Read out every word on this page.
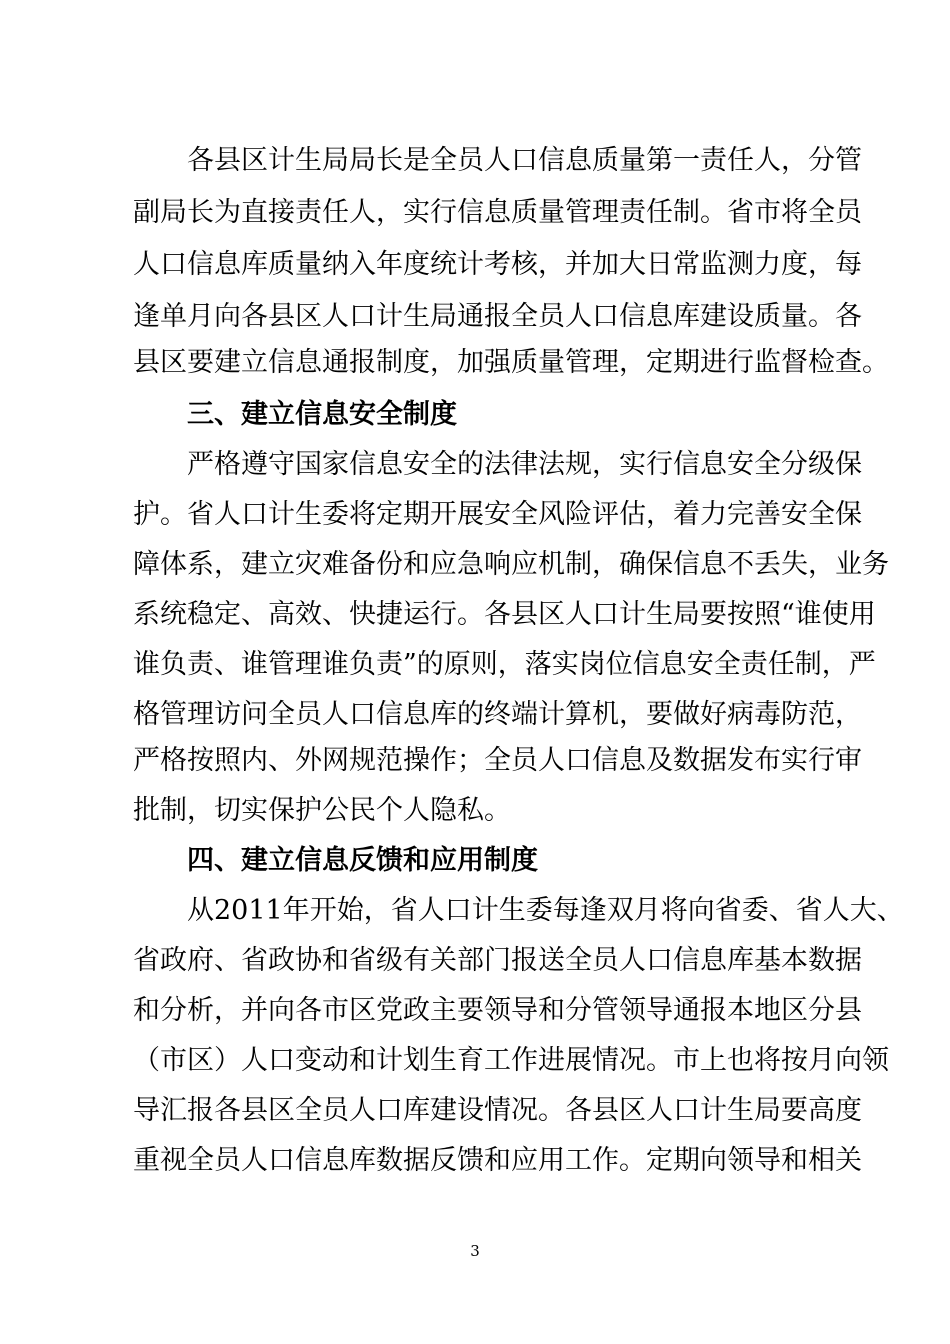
各县区计生局局长是全员人口信息质量第一责任人，分管
副局长为直接责任人，实行信息质量管理责任制。省市将全员
人口信息库质量纳入年度统计考核，并加大日常监测力度，每
逢单月向各县区人口计生局通报全员人口信息库建设质量。各
县区要建立信息通报制度，加强质量管理，定期进行监督检查。
三、建立信息安全制度
严格遵守国家信息安全的法律法规，实行信息安全分级保
护。省人口计生委将定期开展安全风险评估，着力完善安全保
障体系，建立灾难备份和应急响应机制，确保信息不丢失，业务
系统稳定、高效、快捷运行。各县区人口计生局要按照“谁使用
谁负责、谁管理谁负责”的原则，落实岗位信息安全责任制，严
格管理访问全员人口信息库的终端计算机，要做好病毒防范，
严格按照内、外网规范操作；全员人口信息及数据发布实行审
批制，切实保护公民个人隐私。
四、建立信息反馈和应用制度
从2011年开始，省人口计生委每逢双月将向省委、省人大、
省政府、省政协和省级有关部门报送全员人口信息库基本数据
和分析，并向各市区党政主要领导和分管领导通报本地区分县
（市区）人口变动和计划生育工作进展情况。市上也将按月向领
导汇报各县区全员人口库建设情况。各县区人口计生局要高度
重视全员人口信息库数据反馈和应用工作。定期向领导和相关
3
